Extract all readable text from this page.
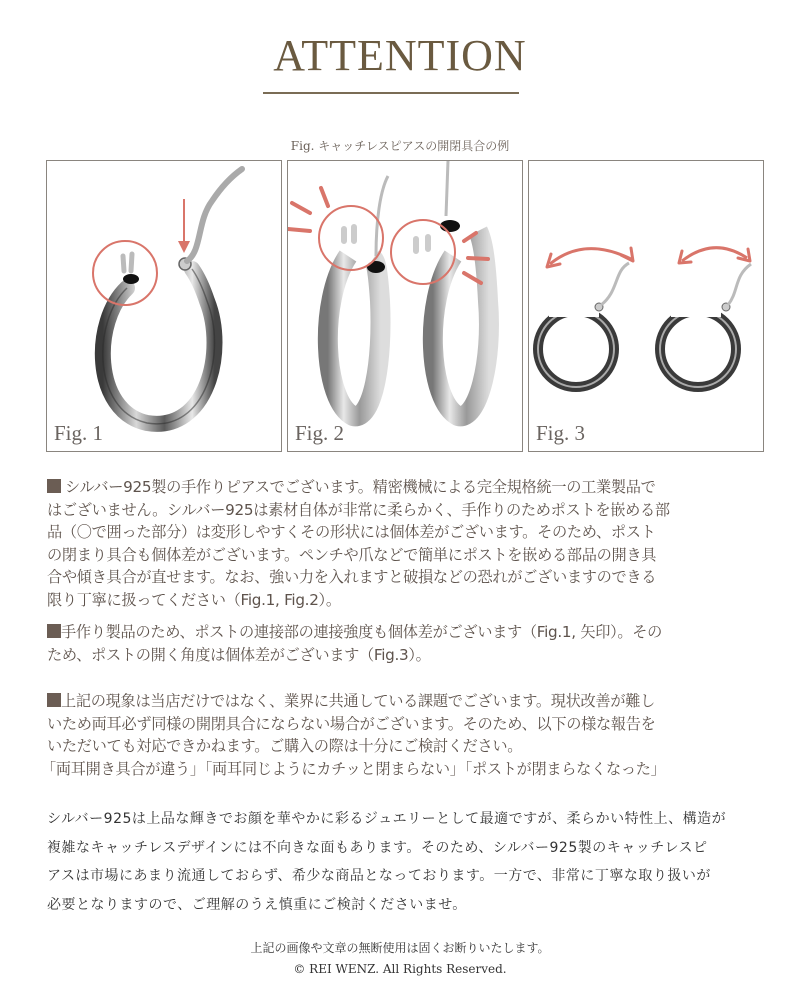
ATTENTION
Fig. キャッチレスピアスの開閉具合の例
Fig. 1	Fig. 2	Fig. 3

シルバー925製の手作りピアスでございます。精密機械による完全規格統一の工業製品で

はございません。シルバー925は素材自体が非常に柔らかく、手作りのためポストを嵌める部

品（〇で囲った部分）は変形しやすくその形状には個体差がございます。そのため、ポスト

の閉まり具合も個体差がございます。ペンチや爪などで簡単にポストを嵌める部品の開き具

合や傾き具合が直せます。なお、強い力を入れますと破損などの恐れがございますのできる

限り丁寧に扱ってください（Fig.1, Fig.2）。

手作り製品のため、ポストの連接部の連接強度も個体差がございます（Fig.1, 矢印）。その

ため、ポストの開く角度は個体差がございます（Fig.3）。

上記の現象は当店だけではなく、業界に共通している課題でございます。現状改善が難し

いため両耳必ず同様の開閉具合にならない場合がございます。そのため、以下の様な報告を

いただいても対応できかねます。ご購入の際は十分にご検討ください。

「両耳開き具合が違う」「両耳同じようにカチッと閉まらない」「ポストが閉まらなくなった」

シルバー925は上品な輝きでお顔を華やかに彩るジュエリーとして最適ですが、柔らかい特性上、構造が
複雑なキャッチレスデザインには不向きな面もあります。そのため、シルバー925製のキャッチレスピ
アスは市場にあまり流通しておらず、希少な商品となっております。一方で、非常に丁寧な取り扱いが
必要となりますので、ご理解のうえ慎重にご検討くださいませ。
上記の画像や文章の無断使用は固くお断りいたします。
© REI WENZ. All Rights Reserved.
